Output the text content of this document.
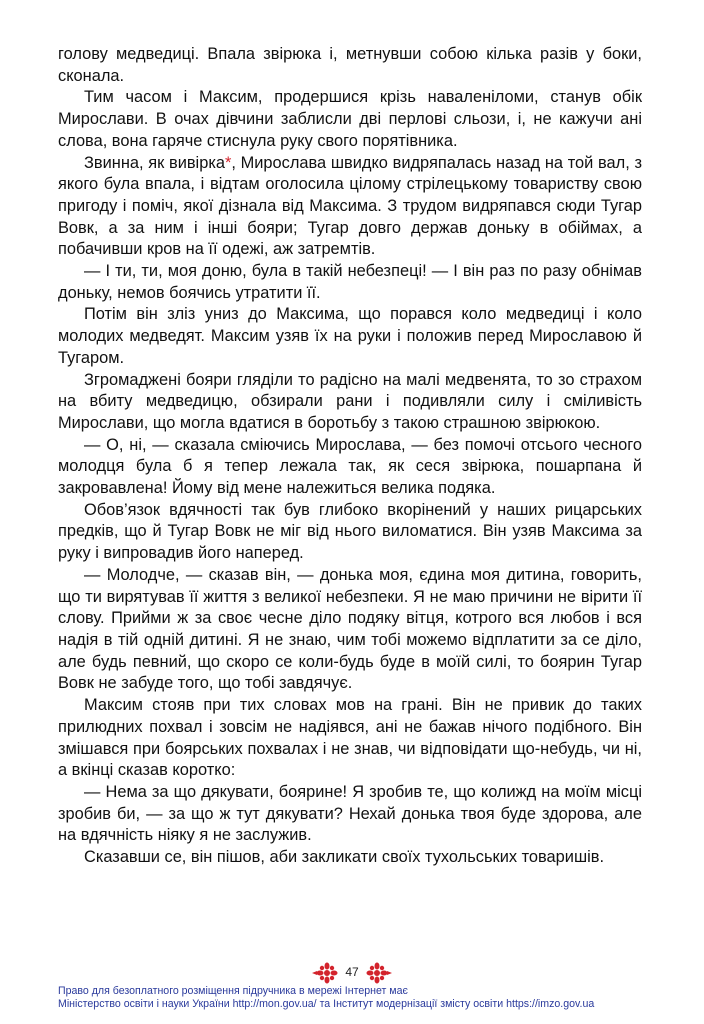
голову медведиці. Впала звірюка і, метнувши собою кілька разів у боки, сконала.

Тим часом і Максим, продершися крізь наваленіломи, станув обік Мирослави. В очах дівчини заблисли дві перлові сльози, і, не кажучи ані слова, вона гаряче стиснула руку свого порятівника.

Звинна, як вивірка*, Мирослава швидко видряпалась назад на той вал, з якого була впала, і відтам оголосила цілому стрілецькому товариству свою пригоду і поміч, якої дізнала від Максима. З трудом видряпався сюди Тугар Вовк, а за ним і інші бояри; Тугар довго держав доньку в обіймах, а побачивши кров на її одежі, аж затремтів.

— І ти, ти, моя доню, була в такій небезпеці! — І він раз по разу обнімав доньку, немов боячись утратити її.

Потім він зліз униз до Максима, що порався коло медведиці і коло молодих медведят. Максим узяв їх на руки і положив перед Мирославою й Тугаром.

Згромаджені бояри гляділи то радісно на малі медвенята, то зо страхом на вбиту медведицю, обзирали рани і подивляли силу і сміливість Мирослави, що могла вдатися в боротьбу з такою страшною звірюкою.

— О, ні, — сказала сміючись Мирослава, — без помочі отсього чесного молодця була б я тепер лежала так, як сеся звірюка, пошарпана й закровавлена! Йому від мене належиться велика подяка.

Обов’язок вдячності так був глибоко вкорінений у наших рицарських предків, що й Тугар Вовк не міг від нього виломатися. Він узяв Максима за руку і випровадив його наперед.

— Молодче, — сказав він, — донька моя, єдина моя дитина, говорить, що ти вирятував її життя з великої небезпеки. Я не маю причини не вірити її слову. Прийми ж за своє чесне діло подяку вітця, котрого вся любов і вся надія в тій одній дитині. Я не знаю, чим тобі можемо відплатити за се діло, але будь певний, що скоро се коли-будь буде в моїй силі, то боярин Тугар Вовк не забуде того, що тобі завдячує.

Максим стояв при тих словах мов на грані. Він не привик до таких прилюдних похвал і зовсім не надіявся, ані не бажав нічого подібного. Він змішався при боярських похвалах і не знав, чи відповідати що-небудь, чи ні, а вкінці сказав коротко:

— Нема за що дякувати, боярине! Я зробив те, що колижд на моїм місці зробив би, — за що ж тут дякувати? Нехай донька твоя буде здорова, але на вдячність ніяку я не заслужив.

Сказавши се, він пішов, аби закликати своїх тухольських товаришів.

47
Право для безоплатного розміщення підручника в мережі Інтернет має
Міністерство освіти і науки України http://mon.gov.ua/ та Інститут модернізації змісту освіти https://imzo.gov.ua
